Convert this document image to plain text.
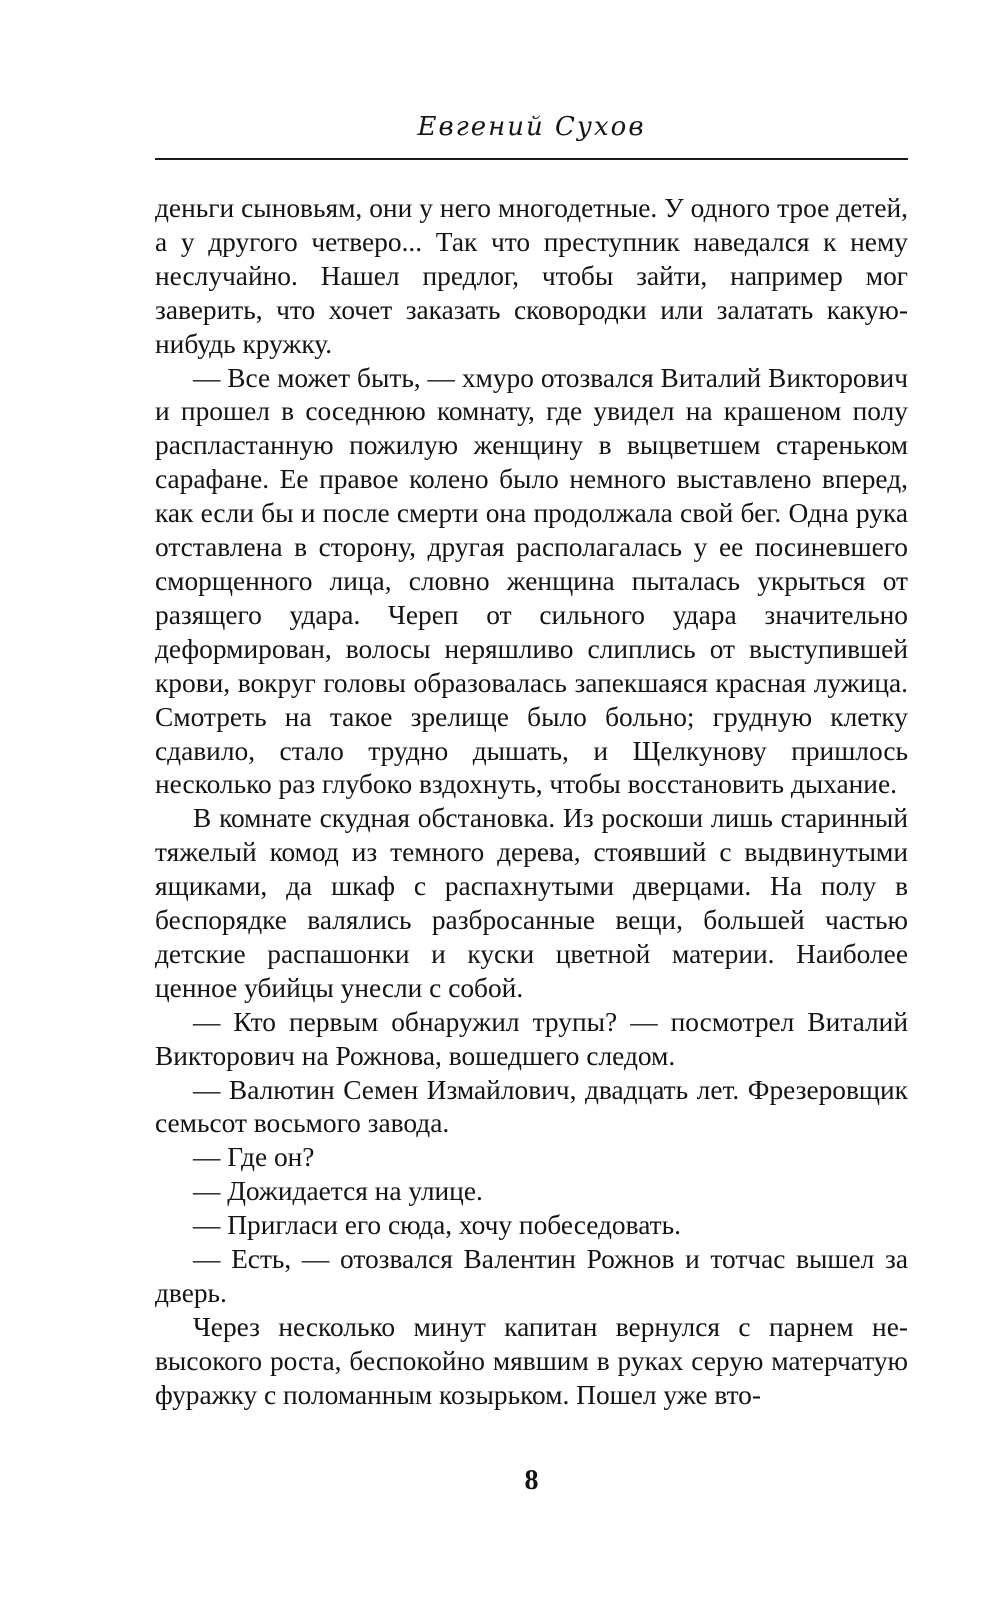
Евгений Сухов

деньги сыновьям, они у него многодетные. У одного трое детей, а у другого четверо... Так что преступник наведался к нему неслучайно. Нашел предлог, чтобы зайти, например мог заверить, что хочет заказать сковородки или залатать какую-нибудь кружку.

— Все может быть, — хмуро отозвался Виталий Викторович и прошел в соседнюю комнату, где увидел на крашеном полу распластанную пожилую женщину в выцветшем стареньком сарафане. Ее правое колено было немного выставлено вперед, как если бы и после смерти она продолжала свой бег. Одна рука отставлена в сторону, другая располагалась у ее посиневшего сморщенного лица, словно женщина пыталась укрыться от разящего удара. Череп от сильного удара значительно деформирован, волосы неряшливо слиплись от выступившей крови, вокруг головы образовалась запекшаяся красная лужица. Смотреть на такое зрелище было больно; грудную клетку сдавило, стало трудно дышать, и Щелкунову пришлось несколько раз глубоко вздохнуть, чтобы восстановить дыхание.

В комнате скудная обстановка. Из роскоши лишь старинный тяжелый комод из темного дерева, стоявший с выдвинутыми ящиками, да шкаф с распахнутыми дверцами. На полу в беспорядке валялись разбросанные вещи, большей частью детские распашонки и куски цветной материи. Наиболее ценное убийцы унесли с собой.

— Кто первым обнаружил трупы? — посмотрел Виталий Викторович на Рожнова, вошедшего следом.

— Валютин Семен Измайлович, двадцать лет. Фрезеровщик семьсот восьмого завода.

— Где он?

— Дожидается на улице.

— Пригласи его сюда, хочу побеседовать.

— Есть, — отозвался Валентин Рожнов и тотчас вышел за дверь.

Через несколько минут капитан вернулся с парнем невысокого роста, беспокойно мявшим в руках серую матерчатую фуражку с поломанным козырьком. Пошел уже вто-

8
